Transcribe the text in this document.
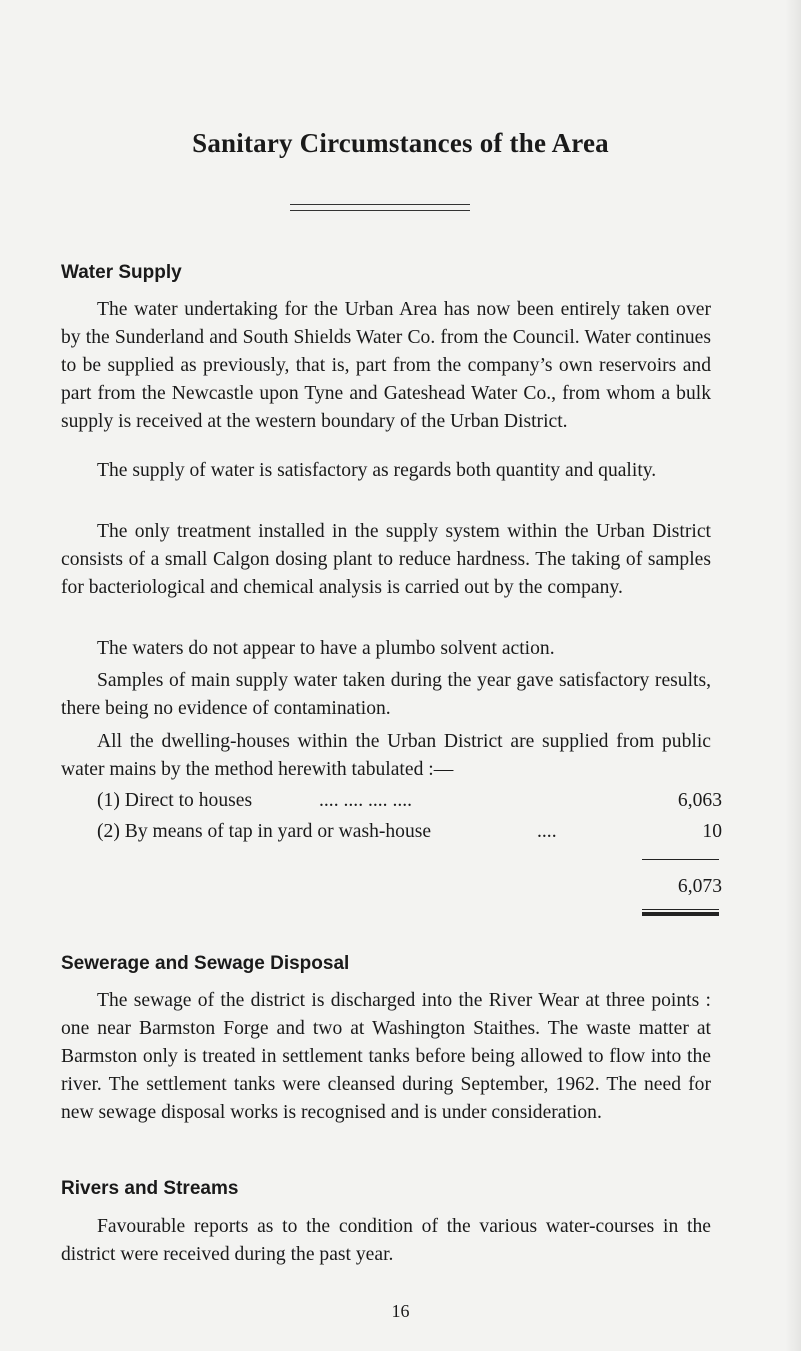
Sanitary Circumstances of the Area
Water Supply
The water undertaking for the Urban Area has now been entirely taken over by the Sunderland and South Shields Water Co. from the Council. Water continues to be supplied as previously, that is, part from the company’s own reservoirs and part from the Newcastle upon Tyne and Gateshead Water Co., from whom a bulk supply is received at the western boundary of the Urban District.
The supply of water is satisfactory as regards both quantity and quality.
The only treatment installed in the supply system within the Urban District consists of a small Calgon dosing plant to reduce hardness. The taking of samples for bacteriological and chemical analysis is carried out by the company.
The waters do not appear to have a plumbo solvent action.
Samples of main supply water taken during the year gave satisfactory results, there being no evidence of contamination.
All the dwelling-houses within the Urban District are supplied from public water mains by the method herewith tabulated :—
(1) Direct to houses	.... .... .... ....	6,063
(2) By means of tap in yard or wash-house	....	10
6,073
Sewerage and Sewage Disposal
The sewage of the district is discharged into the River Wear at three points : one near Barmston Forge and two at Washington Staithes. The waste matter at Barmston only is treated in settlement tanks before being allowed to flow into the river. The settlement tanks were cleansed during September, 1962. The need for new sewage disposal works is recognised and is under consideration.
Rivers and Streams
Favourable reports as to the condition of the various water-courses in the district were received during the past year.
16
